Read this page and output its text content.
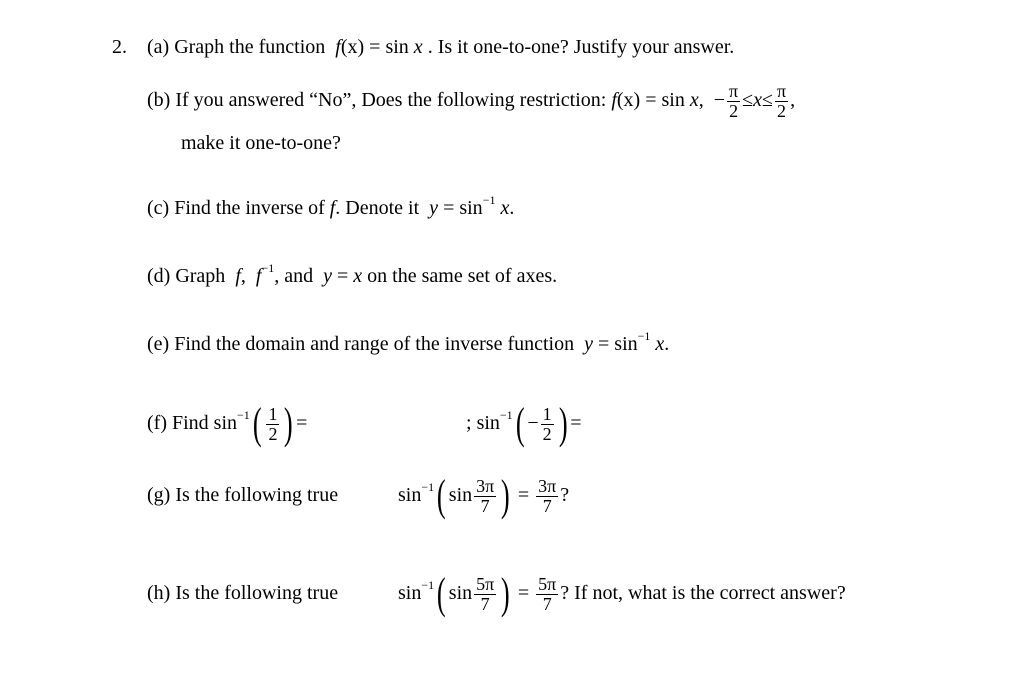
2. (a) Graph the function f(x) = sin x . Is it one-to-one? Justify your answer.
(b) If you answered “No”, Does the following restriction: f(x) = sin x, − $\frac{\pi}{2} \le x\le \frac{\pi}{2}$ ,
make it one-to-one?
(c) Find the inverse of f. Denote it $y = \sin^{-1} x$.
(d) Graph f, $f^{-1}$, and y = x on the same set of axes.
(e) Find the domain and range of the inverse function $y = \sin^{-1} x$.
(f) Find $\sin^{-1}( \frac{1}{2}$ ) =	; $\sin^{-1}( - \frac{1}{2}$ ) =
(g) Is the following true	$\sin^{-1}$( $\sin \frac{3\pi}{7}$ ) = $\frac{3\pi}{7}$ ?
(h) Is the following true	$\sin^{-1}$( $\sin \frac{5\pi}{7}$ ) = $\frac{5\pi}{7}$ ? If not, what is the correct answer?
